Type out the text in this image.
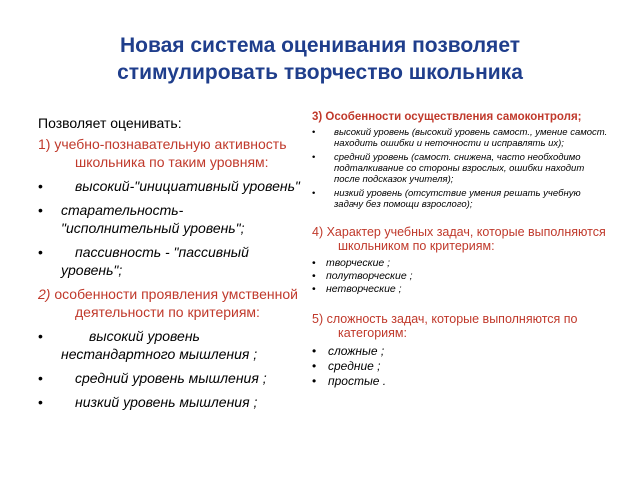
Новая система оценивания позволяет стимулировать творчество школьника
Позволяет оценивать:
1) учебно-познавательную активность школьника по таким уровням:
• высокий-"инициативный уровень"
• старательность-"исполнительный уровень";
• пассивность - "пассивный уровень";
2) особенности проявления умственной деятельности по критериям:
•	высокий уровень нестандартного мышления ;
• средний уровень мышления ;
• низкий уровень мышления ;
3) Особенности осуществления самоконтроля;
• высокий уровень (высокий уровень самост., умение самост. находить ошибки и неточности и исправлять их);
• средний уровень (самост. снижена, часто необходимо подталкивание со стороны взрослых, ошибки находит после подсказок учителя);
• низкий уровень (отсутствие умения решать учебную задачу без помощи взрослого);
4) Характер учебных задач, которые выполняются школьником по критериям:
• творческие ;
• полутворческие ;
• нетворческие ;
5) сложность задач, которые выполняются по категориям:
• сложные ;
• средние ;
• простые .
